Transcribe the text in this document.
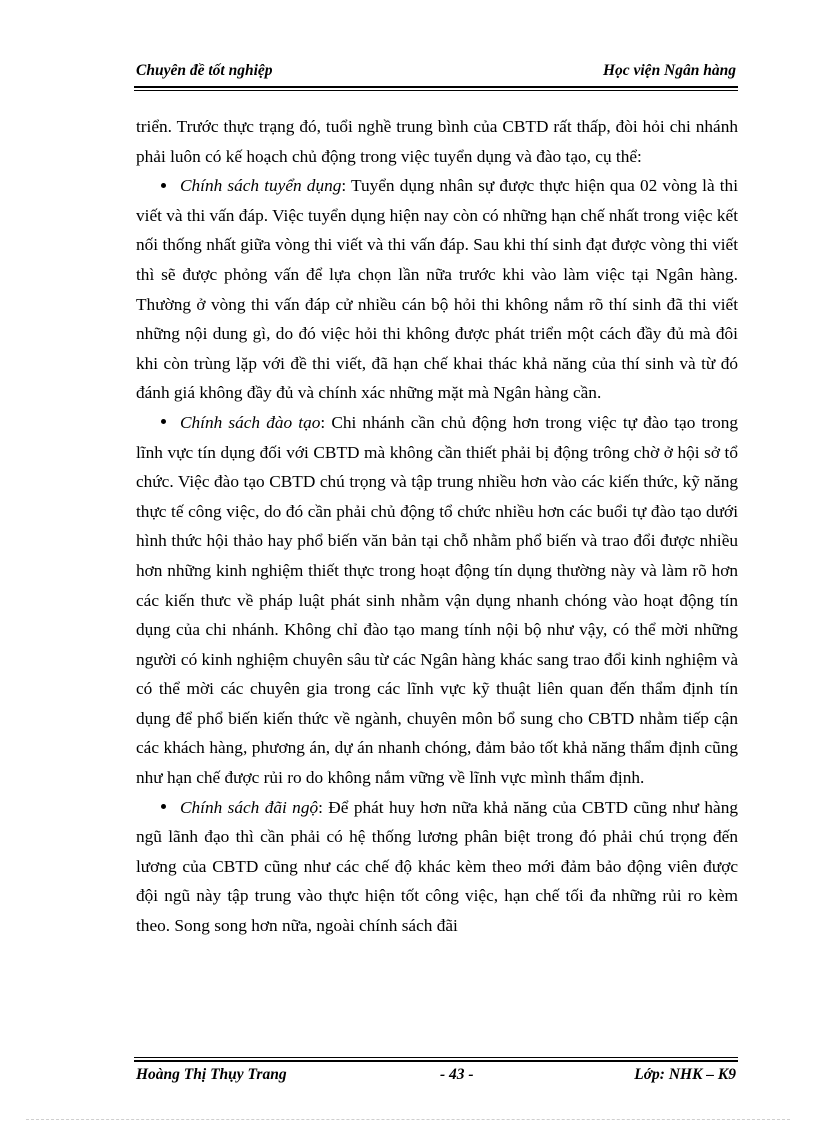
Chuyên đề tốt nghiệp	Học viện Ngân hàng

triển. Trước thực trạng đó, tuổi nghề trung bình của CBTD rất thấp, đòi hỏi chi nhánh phải luôn có kế hoạch chủ động trong việc tuyển dụng và đào tạo, cụ thể:

Chính sách tuyển dụng: Tuyển dụng nhân sự được thực hiện qua 02 vòng là thi viết và thi vấn đáp. Việc tuyển dụng hiện nay còn có những hạn chế nhất trong việc kết nối thống nhất giữa vòng thi viết và thi vấn đáp. Sau khi thí sinh đạt được vòng thi viết thì sẽ được phỏng vấn để lựa chọn lần nữa trước khi vào làm việc tại Ngân hàng. Thường ở vòng thi vấn đáp cử nhiều cán bộ hỏi thi không nắm rõ thí sinh đã thi viết những nội dung gì, do đó việc hỏi thi không được phát triển một cách đầy đủ mà đôi khi còn trùng lặp với đề thi viết, đã hạn chế khai thác khả năng của thí sinh và từ đó đánh giá không đầy đủ và chính xác những mặt mà Ngân hàng cần.

Chính sách đào tạo: Chi nhánh cần chủ động hơn trong việc tự đào tạo trong lĩnh vực tín dụng đối với CBTD mà không cần thiết phải bị động trông chờ ở hội sở tổ chức. Việc đào tạo CBTD chú trọng và tập trung nhiều hơn vào các kiến thức, kỹ năng thực tế công việc, do đó cần phải chủ động tổ chức nhiều hơn các buổi tự đào tạo dưới hình thức hội thảo hay phổ biến văn bản tại chỗ nhằm phổ biến và trao đổi được nhiều hơn những kinh nghiệm thiết thực trong hoạt động tín dụng thường này và làm rõ hơn các kiến thưc về pháp luật phát sinh nhằm vận dụng nhanh chóng vào hoạt động tín dụng của chi nhánh. Không chỉ đào tạo mang tính nội bộ như vậy, có thể mời những người có kinh nghiệm chuyên sâu từ các Ngân hàng khác sang trao đổi kinh nghiệm và có thể mời các chuyên gia trong các lĩnh vực kỹ thuật liên quan đến thẩm định tín dụng để phổ biến kiến thức về ngành, chuyên môn bổ sung cho CBTD nhằm tiếp cận các khách hàng, phương án, dự án nhanh chóng, đảm bảo tốt khả năng thẩm định cũng như hạn chế được rủi ro do không nắm vững về lĩnh vực mình thẩm định.

Chính sách đãi ngộ: Để phát huy hơn nữa khả năng của CBTD cũng như hàng ngũ lãnh đạo thì cần phải có hệ thống lương phân biệt trong đó phải chú trọng đến lương của CBTD cũng như các chế độ khác kèm theo mới đảm bảo động viên được đội ngũ này tập trung vào thực hiện tốt công việc, hạn chế tối đa những rủi ro kèm theo. Song song hơn nữa, ngoài chính sách đãi

Hoàng Thị Thụy Trang	- 43 -	Lớp: NHK – K9
